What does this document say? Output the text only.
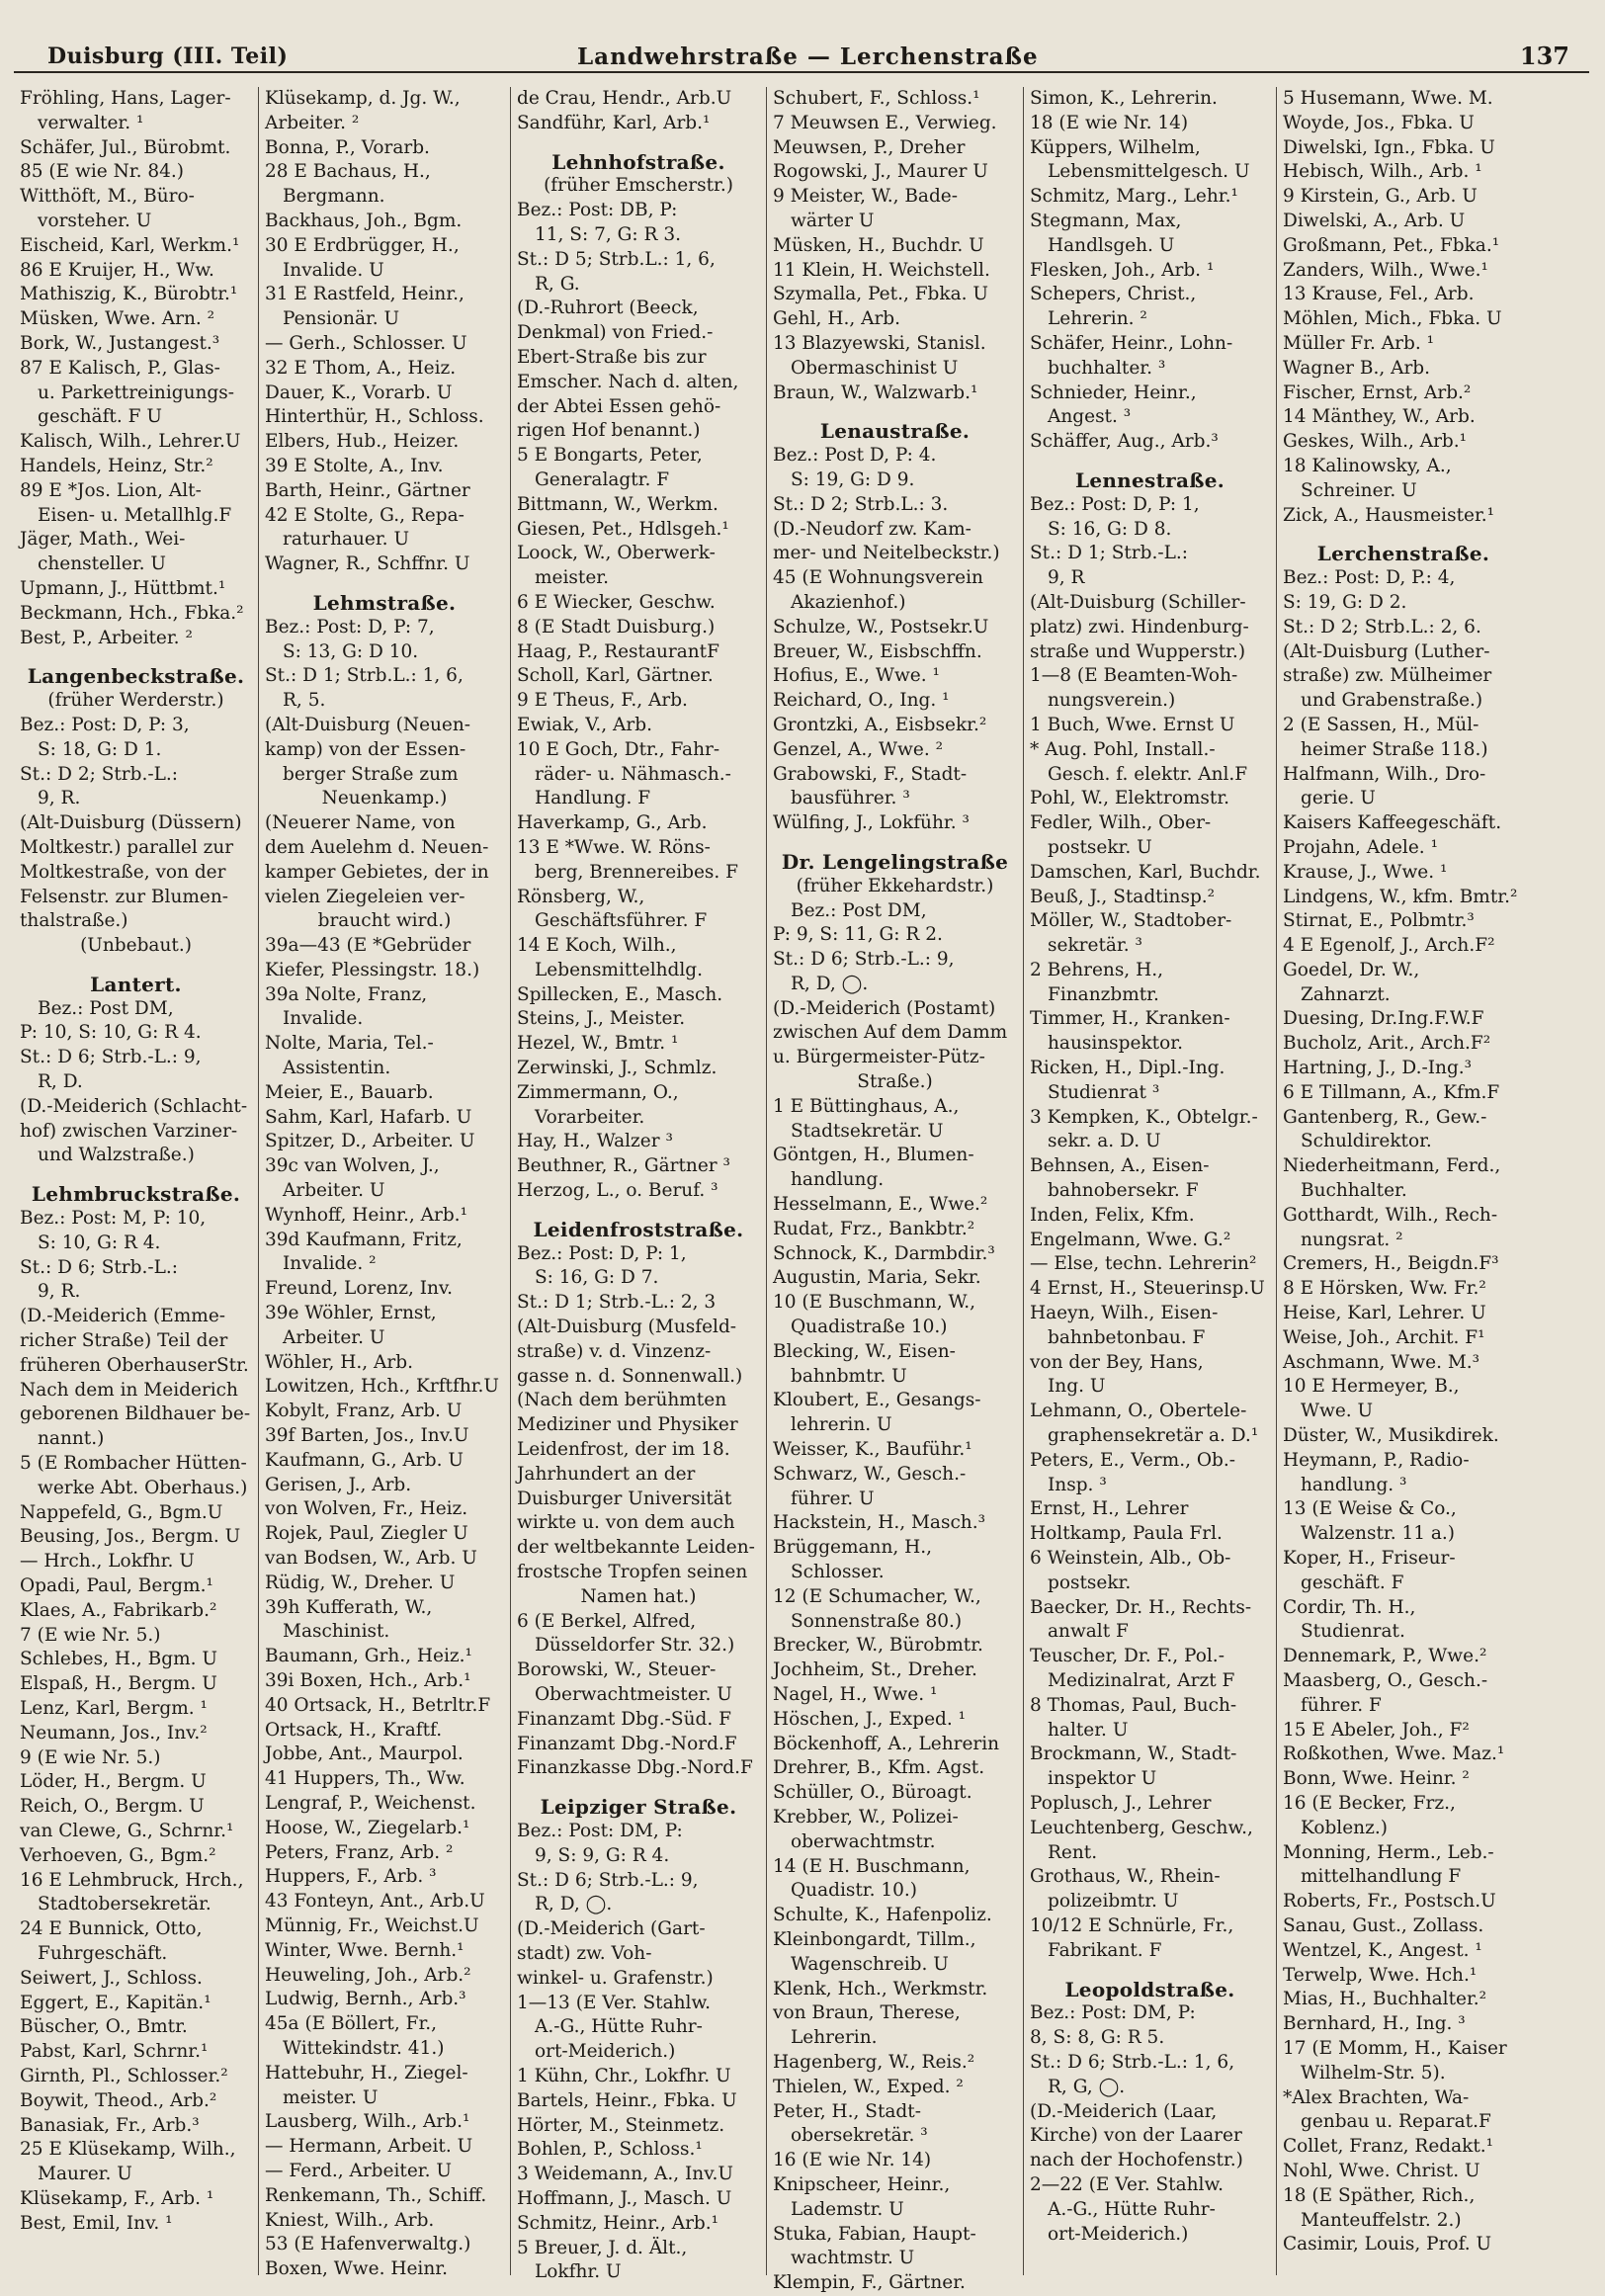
Duisburg (III. Teil)	Landwehrstraße — Lerchenstraße	137
Fröhling, Hans, Lager-
verwalter. ¹
Schäfer, Jul., Bürobmt.
85 (E wie Nr. 84.)
Witthöft, M., Büro-
vorsteher. U
Eischeid, Karl, Werkm.¹
86 E Kruijer, H., Ww.
Mathiszig, K., Bürobtr.¹
Müsken, Wwe. Arn. ²
Bork, W., Justangest.³
87 E Kalisch, P., Glas-
u. Parkettreinigungs-
geschäft. F U
Kalisch, Wilh., Lehrer.U
Handels, Heinz, Str.²
89 E *Jos. Lion, Alt-
Eisen- u. Metallhlg.F
Jäger, Math., Wei-
chensteller. U
Upmann, J., Hüttbmt.¹
Beckmann, Hch., Fbka.²
Best, P., Arbeiter. ²
Langenbeckstraße.
(früher Werderstr.)
Bez.: Post: D, P: 3,
S: 18, G: D 1.
St.: D 2; Strb.-L.:
9, R.
(Alt-Duisburg (Düssern)
Moltkestr.) parallel zur
Moltkestraße, von der
Felsenstr. zur Blumen-
thalstraße.)
(Unbebaut.)
Lantert.
Bez.: Post DM,
P: 10, S: 10, G: R 4.
St.: D 6; Strb.-L.: 9,
R, D.
(D.-Meiderich (Schlacht-
hof) zwischen Varziner-
und Walzstraße.)
Lehmbruckstraße.
Bez.: Post: M, P: 10,
S: 10, G: R 4.
St.: D 6; Strb.-L.:
9, R.
(D.-Meiderich (Emme-
richer Straße) Teil der
früheren OberhauserStr.
Nach dem in Meiderich
geborenen Bildhauer be-
nannt.)
5 (E Rombacher Hütten-
werke Abt. Oberhaus.)
Nappefeld, G., Bgm.U
Beusing, Jos., Bergm. U
— Hrch., Lokfhr. U
Opadi, Paul, Bergm.¹
Klaes, A., Fabrikarb.²
7 (E wie Nr. 5.)
Schlebes, H., Bgm. U
Elspaß, H., Bergm. U
Lenz, Karl, Bergm. ¹
Neumann, Jos., Inv.²
9 (E wie Nr. 5.)
Löder, H., Bergm. U
Reich, O., Bergm. U
van Clewe, G., Schrnr.¹
Verhoeven, G., Bgm.²
16 E Lehmbruck, Hrch.,
Stadtobersekretär.
24 E Bunnick, Otto,
Fuhrgeschäft.
Seiwert, J., Schloss.
Eggert, E., Kapitän.¹
Büscher, O., Bmtr.
Pabst, Karl, Schrnr.¹
Girnth, Pl., Schlosser.²
Boywit, Theod., Arb.²
Banasiak, Fr., Arb.³
25 E Klüsekamp, Wilh.,
Maurer. U
Klüsekamp, F., Arb. ¹
Best, Emil, Inv. ¹
Klüsekamp, d. Jg. W.,
Arbeiter. ²
Bonna, P., Vorarb.
28 E Bachaus, H.,
Bergmann.
Backhaus, Joh., Bgm.
30 E Erdbrügger, H.,
Invalide. U
31 E Rastfeld, Heinr.,
Pensionär. U
— Gerh., Schlosser. U
32 E Thom, A., Heiz.
Dauer, K., Vorarb. U
Hinterthür, H., Schloss.
Elbers, Hub., Heizer.
39 E Stolte, A., Inv.
Barth, Heinr., Gärtner
42 E Stolte, G., Repa-
raturhauer. U
Wagner, R., Schffnr. U
Lehmstraße.
Bez.: Post: D, P: 7,
S: 13, G: D 10.
St.: D 1; Strb.L.: 1, 6,
R, 5.
(Alt-Duisburg (Neuen-
kamp) von der Essen-
berger Straße zum
Neuenkamp.)
(Neuerer Name, von
dem Auelehm d. Neuen-
kamper Gebietes, der in
vielen Ziegeleien ver-
braucht wird.)
39a—43 (E *Gebrüder
Kiefer, Plessingstr. 18.)
39a Nolte, Franz,
Invalide.
Nolte, Maria, Tel.-
Assistentin.
Meier, E., Bauarb.
Sahm, Karl, Hafarb. U
Spitzer, D., Arbeiter. U
39c van Wolven, J.,
Arbeiter. U
Wynhoff, Heinr., Arb.¹
39d Kaufmann, Fritz,
Invalide. ²
Freund, Lorenz, Inv.
39e Wöhler, Ernst,
Arbeiter. U
Wöhler, H., Arb.
Lowitzen, Hch., Krftfhr.U
Kobylt, Franz, Arb. U
39f Barten, Jos., Inv.U
Kaufmann, G., Arb. U
Gerisen, J., Arb.
von Wolven, Fr., Heiz.
Rojek, Paul, Ziegler U
van Bodsen, W., Arb. U
Rüdig, W., Dreher. U
39h Kufferath, W.,
Maschinist.
Baumann, Grh., Heiz.¹
39i Boxen, Hch., Arb.¹
40 Ortsack, H., Betrltr.F
Ortsack, H., Kraftf.
Jobbe, Ant., Maurpol.
41 Huppers, Th., Ww.
Lengraf, P., Weichenst.
Hoose, W., Ziegelarb.¹
Peters, Franz, Arb. ²
Huppers, F., Arb. ³
43 Fonteyn, Ant., Arb.U
Münnig, Fr., Weichst.U
Winter, Wwe. Bernh.¹
Heuweling, Joh., Arb.²
Ludwig, Bernh., Arb.³
45a (E Böllert, Fr.,
Wittekindstr. 41.)
Hattebuhr, H., Ziegel-
meister. U
Lausberg, Wilh., Arb.¹
— Hermann, Arbeit. U
— Ferd., Arbeiter. U
Renkemann, Th., Schiff.
Kniest, Wilh., Arb.
53 (E Hafenverwaltg.)
Boxen, Wwe. Heinr.
de Crau, Hendr., Arb.U
Sandführ, Karl, Arb.¹
Lehnhofstraße.
(früher Emscherstr.)
Bez.: Post: DB, P:
11, S: 7, G: R 3.
St.: D 5; Strb.L.: 1, 6,
R, G.
(D.-Ruhrort (Beeck,
Denkmal) von Fried.-
Ebert-Straße bis zur
Emscher. Nach d. alten,
der Abtei Essen gehö-
rigen Hof benannt.)
5 E Bongarts, Peter,
Generalagtr. F
Bittmann, W., Werkm.
Giesen, Pet., Hdlsgeh.¹
Loock, W., Oberwerk-
meister.
6 E Wiecker, Geschw.
8 (E Stadt Duisburg.)
Haag, P., RestaurantF
Scholl, Karl, Gärtner.
9 E Theus, F., Arb.
Ewiak, V., Arb.
10 E Goch, Dtr., Fahr-
räder- u. Nähmasch.-
Handlung. F
Haverkamp, G., Arb.
13 E *Wwe. W. Röns-
berg, Brennereibes. F
Rönsberg, W.,
Geschäftsführer. F
14 E Koch, Wilh.,
Lebensmittelhdlg.
Spillecken, E., Masch.
Steins, J., Meister.
Hezel, W., Bmtr. ¹
Zerwinski, J., Schmlz.
Zimmermann, O.,
Vorarbeiter.
Hay, H., Walzer ³
Beuthner, R., Gärtner ³
Herzog, L., o. Beruf. ³
Leidenfroststraße.
Bez.: Post: D, P: 1,
S: 16, G: D 7.
St.: D 1; Strb.-L.: 2, 3
(Alt-Duisburg (Musfeld-
straße) v. d. Vinzenz-
gasse n. d. Sonnenwall.)
(Nach dem berühmten
Mediziner und Physiker
Leidenfrost, der im 18.
Jahrhundert an der
Duisburger Universität
wirkte u. von dem auch
der weltbekannte Leiden-
frostsche Tropfen seinen
Namen hat.)
6 (E Berkel, Alfred,
Düsseldorfer Str. 32.)
Borowski, W., Steuer-
Oberwachtmeister. U
Finanzamt Dbg.-Süd. F
Finanzamt Dbg.-Nord.F
Finanzkasse Dbg.-Nord.F
Leipziger Straße.
Bez.: Post: DM, P:
9, S: 9, G: R 4.
St.: D 6; Strb.-L.: 9,
R, D, ◯.
(D.-Meiderich (Gart-
stadt) zw. Voh-
winkel- u. Grafenstr.)
1—13 (E Ver. Stahlw.
A.-G., Hütte Ruhr-
ort-Meiderich.)
1 Kühn, Chr., Lokfhr. U
Bartels, Heinr., Fbka. U
Hörter, M., Steinmetz.
Bohlen, P., Schloss.¹
3 Weidemann, A., Inv.U
Hoffmann, J., Masch. U
Schmitz, Heinr., Arb.¹
5 Breuer, J. d. Ält.,
Lokfhr. U
Schubert, F., Schloss.¹
7 Meuwsen E., Verwieg.
Meuwsen, P., Dreher
Rogowski, J., Maurer U
9 Meister, W., Bade-
wärter U
Müsken, H., Buchdr. U
11 Klein, H. Weichstell.
Szymalla, Pet., Fbka. U
Gehl, H., Arb.
13 Blazyewski, Stanisl.
Obermaschinist U
Braun, W., Walzwarb.¹
Lenaustraße.
Bez.: Post D, P: 4.
S: 19, G: D 9.
St.: D 2; Strb.L.: 3.
(D.-Neudorf zw. Kam-
mer- und Neitelbeckstr.)
45 (E Wohnungsverein
Akazienhof.)
Schulze, W., Postsekr.U
Breuer, W., Eisbschffn.
Hofius, E., Wwe. ¹
Reichard, O., Ing. ¹
Grontzki, A., Eisbsekr.²
Genzel, A., Wwe. ²
Grabowski, F., Stadt-
bausführer. ³
Wülfing, J., Lokführ. ³
Dr. Lengelingstraße
(früher Ekkehardstr.)
Bez.: Post DM,
P: 9, S: 11, G: R 2.
St.: D 6; Strb.-L.: 9,
R, D, ◯.
(D.-Meiderich (Postamt)
zwischen Auf dem Damm
u. Bürgermeister-Pütz-
Straße.)
1 E Büttinghaus, A.,
Stadtsekretär. U
Göntgen, H., Blumen-
handlung.
Hesselmann, E., Wwe.²
Rudat, Frz., Bankbtr.²
Schnock, K., Darmbdir.³
Augustin, Maria, Sekr.
10 (E Buschmann, W.,
Quadistraße 10.)
Blecking, W., Eisen-
bahnbmtr. U
Kloubert, E., Gesangs-
lehrerin. U
Weisser, K., Bauführ.¹
Schwarz, W., Gesch.-
führer. U
Hackstein, H., Masch.³
Brüggemann, H.,
Schlosser.
12 (E Schumacher, W.,
Sonnenstraße 80.)
Brecker, W., Bürobmtr.
Jochheim, St., Dreher.
Nagel, H., Wwe. ¹
Höschen, J., Exped. ¹
Böckenhoff, A., Lehrerin
Drehrer, B., Kfm. Agst.
Schüller, O., Büroagt.
Krebber, W., Polizei-
oberwachtmstr.
14 (E H. Buschmann,
Quadistr. 10.)
Schulte, K., Hafenpoliz.
Kleinbongardt, Tillm.,
Wagenschreib. U
Klenk, Hch., Werkmstr.
von Braun, Therese,
Lehrerin.
Hagenberg, W., Reis.²
Thielen, W., Exped. ²
Peter, H., Stadt-
obersekretär. ³
16 (E wie Nr. 14)
Knipscheer, Heinr.,
Lademstr. U
Stuka, Fabian, Haupt-
wachtmstr. U
Klempin, F., Gärtner.
Simon, K., Lehrerin.
18 (E wie Nr. 14)
Küppers, Wilhelm,
Lebensmittelgesch. U
Schmitz, Marg., Lehr.¹
Stegmann, Max,
Handlsgeh. U
Flesken, Joh., Arb. ¹
Schepers, Christ.,
Lehrerin. ²
Schäfer, Heinr., Lohn-
buchhalter. ³
Schnieder, Heinr.,
Angest. ³
Schäffer, Aug., Arb.³
Lennestraße.
Bez.: Post: D, P: 1,
S: 16, G: D 8.
St.: D 1; Strb.-L.:
9, R
(Alt-Duisburg (Schiller-
platz) zwi. Hindenburg-
straße und Wupperstr.)
1—8 (E Beamten-Woh-
nungsverein.)
1 Buch, Wwe. Ernst U
* Aug. Pohl, Install.-
Gesch. f. elektr. Anl.F
Pohl, W., Elektromstr.
Fedler, Wilh., Ober-
postsekr. U
Damschen, Karl, Buchdr.
Beuß, J., Stadtinsp.²
Möller, W., Stadtober-
sekretär. ³
2 Behrens, H.,
Finanzbmtr.
Timmer, H., Kranken-
hausinspektor.
Ricken, H., Dipl.-Ing.
Studienrat ³
3 Kempken, K., Obtelgr.-
sekr. a. D. U
Behnsen, A., Eisen-
bahnobersekr. F
Inden, Felix, Kfm.
Engelmann, Wwe. G.²
— Else, techn. Lehrerin²
4 Ernst, H., Steuerinsp.U
Haeyn, Wilh., Eisen-
bahnbetonbau. F
von der Bey, Hans,
Ing. U
Lehmann, O., Obertele-
graphensekretär a. D.¹
Peters, E., Verm., Ob.-
Insp. ³
Ernst, H., Lehrer
Holtkamp, Paula Frl.
6 Weinstein, Alb., Ob-
postsekr.
Baecker, Dr. H., Rechts-
anwalt F
Teuscher, Dr. F., Pol.-
Medizinalrat, Arzt F
8 Thomas, Paul, Buch-
halter. U
Brockmann, W., Stadt-
inspektor U
Poplusch, J., Lehrer
Leuchtenberg, Geschw.,
Rent.
Grothaus, W., Rhein-
polizeibmtr. U
10/12 E Schnürle, Fr.,
Fabrikant. F
Leopoldstraße.
Bez.: Post: DM, P:
8, S: 8, G: R 5.
St.: D 6; Strb.-L.: 1, 6,
R, G, ◯.
(D.-Meiderich (Laar,
Kirche) von der Laarer
nach der Hochofenstr.)
2—22 (E Ver. Stahlw.
A.-G., Hütte Ruhr-
ort-Meiderich.)
5 Husemann, Wwe. M.
Woyde, Jos., Fbka. U
Diwelski, Ign., Fbka. U
Hebisch, Wilh., Arb. ¹
9 Kirstein, G., Arb. U
Diwelski, A., Arb. U
Großmann, Pet., Fbka.¹
Zanders, Wilh., Wwe.¹
13 Krause, Fel., Arb.
Möhlen, Mich., Fbka. U
Müller Fr. Arb. ¹
Wagner B., Arb.
Fischer, Ernst, Arb.²
14 Mänthey, W., Arb.
Geskes, Wilh., Arb.¹
18 Kalinowsky, A.,
Schreiner. U
Zick, A., Hausmeister.¹
Lerchenstraße.
Bez.: Post: D, P.: 4,
S: 19, G: D 2.
St.: D 2; Strb.L.: 2, 6.
(Alt-Duisburg (Luther-
straße) zw. Mülheimer
und Grabenstraße.)
2 (E Sassen, H., Mül-
heimer Straße 118.)
Halfmann, Wilh., Dro-
gerie. U
Kaisers Kaffeegeschäft.
Projahn, Adele. ¹
Krause, J., Wwe. ¹
Lindgens, W., kfm. Bmtr.²
Stirnat, E., Polbmtr.³
4 E Egenolf, J., Arch.F²
Goedel, Dr. W.,
Zahnarzt.
Duesing, Dr.Ing.F.W.F
Bucholz, Arit., Arch.F²
Hartning, J., D.-Ing.³
6 E Tillmann, A., Kfm.F
Gantenberg, R., Gew.-
Schuldirektor.
Niederheitmann, Ferd.,
Buchhalter.
Gotthardt, Wilh., Rech-
nungsrat. ²
Cremers, H., Beigdn.F³
8 E Hörsken, Ww. Fr.²
Heise, Karl, Lehrer. U
Weise, Joh., Archit. F¹
Aschmann, Wwe. M.³
10 E Hermeyer, B.,
Wwe. U
Düster, W., Musikdirek.
Heymann, P., Radio-
handlung. ³
13 (E Weise & Co.,
Walzenstr. 11 a.)
Koper, H., Friseur-
geschäft. F
Cordir, Th. H.,
Studienrat.
Dennemark, P., Wwe.²
Maasberg, O., Gesch.-
führer. F
15 E Abeler, Joh., F²
Roßkothen, Wwe. Maz.¹
Bonn, Wwe. Heinr. ²
16 (E Becker, Frz.,
Koblenz.)
Monning, Herm., Leb.-
mittelhandlung F
Roberts, Fr., Postsch.U
Sanau, Gust., Zollass.
Wentzel, K., Angest. ¹
Terwelp, Wwe. Hch.¹
Mias, H., Buchhalter.²
Bernhard, H., Ing. ³
17 (E Momm, H., Kaiser
Wilhelm-Str. 5).
*Alex Brachten, Wa-
genbau u. Reparat.F
Collet, Franz, Redakt.¹
Nohl, Wwe. Christ. U
18 (E Späther, Rich.,
Manteuffelstr. 2.)
Casimir, Louis, Prof. U
